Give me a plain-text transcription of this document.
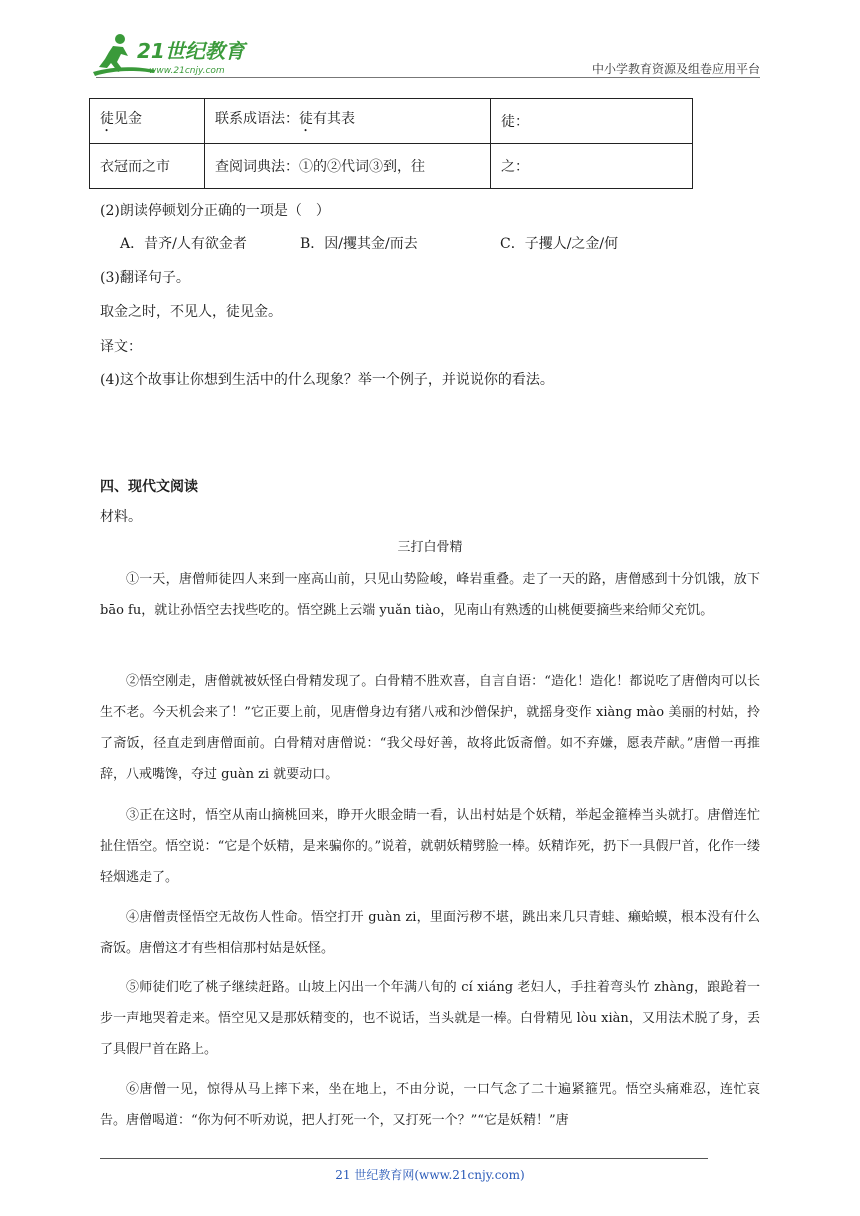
21世纪教育
www.21cnjy.com	中小学教育资源及组卷应用平台
徒见金	联系成语法：徒有其表	徒：
衣冠而之市	查阅词典法：①的②代词③到，往	之：
(2)朗读停顿划分正确的一项是（　）
A．昔齐/人有欲金者	B．因/攫其金/而去	C．子攫人/之金/何
(3)翻译句子。
取金之时，不见人，徒见金。
译文：
(4)这个故事让你想到生活中的什么现象？举一个例子，并说说你的看法。
四、现代文阅读
材料。
三打白骨精
①一天，唐僧师徒四人来到一座高山前，只见山势险峻，峰岩重叠。走了一天的路，唐僧感到十分饥饿，放下 bāo fu，就让孙悟空去找些吃的。悟空跳上云端 yuǎn tiào，见南山有熟透的山桃便要摘些来给师父充饥。
②悟空刚走，唐僧就被妖怪白骨精发现了。白骨精不胜欢喜，自言自语：“造化！造化！都说吃了唐僧肉可以长生不老。今天机会来了！”它正要上前，见唐僧身边有猪八戒和沙僧保护，就摇身变作 xiàng mào 美丽的村姑，拎了斋饭，径直走到唐僧面前。白骨精对唐僧说：“我父母好善，故将此饭斋僧。如不弃嫌，愿表芹献。”唐僧一再推辞，八戒嘴馋，夺过 guàn zi 就要动口。
③正在这时，悟空从南山摘桃回来，睁开火眼金睛一看，认出村姑是个妖精，举起金箍棒当头就打。唐僧连忙扯住悟空。悟空说：“它是个妖精，是来骗你的。”说着，就朝妖精劈脸一棒。妖精诈死，扔下一具假尸首，化作一缕轻烟逃走了。
④唐僧责怪悟空无故伤人性命。悟空打开 guàn zi，里面污秽不堪，跳出来几只青蛙、癞蛤蟆，根本没有什么斋饭。唐僧这才有些相信那村姑是妖怪。
⑤师徒们吃了桃子继续赶路。山坡上闪出一个年满八旬的 cí xiáng 老妇人，手拄着弯头竹 zhàng，踉跄着一步一声地哭着走来。悟空见又是那妖精变的，也不说话，当头就是一棒。白骨精见 lòu xiàn，又用法术脱了身，丢了具假尸首在路上。
⑥唐僧一见，惊得从马上摔下来，坐在地上，不由分说，一口气念了二十遍紧箍咒。悟空头痛难忍，连忙哀告。唐僧喝道：“你为何不听劝说，把人打死一个，又打死一个？”“它是妖精！”唐
21 世纪教育网(www.21cnjy.com)
